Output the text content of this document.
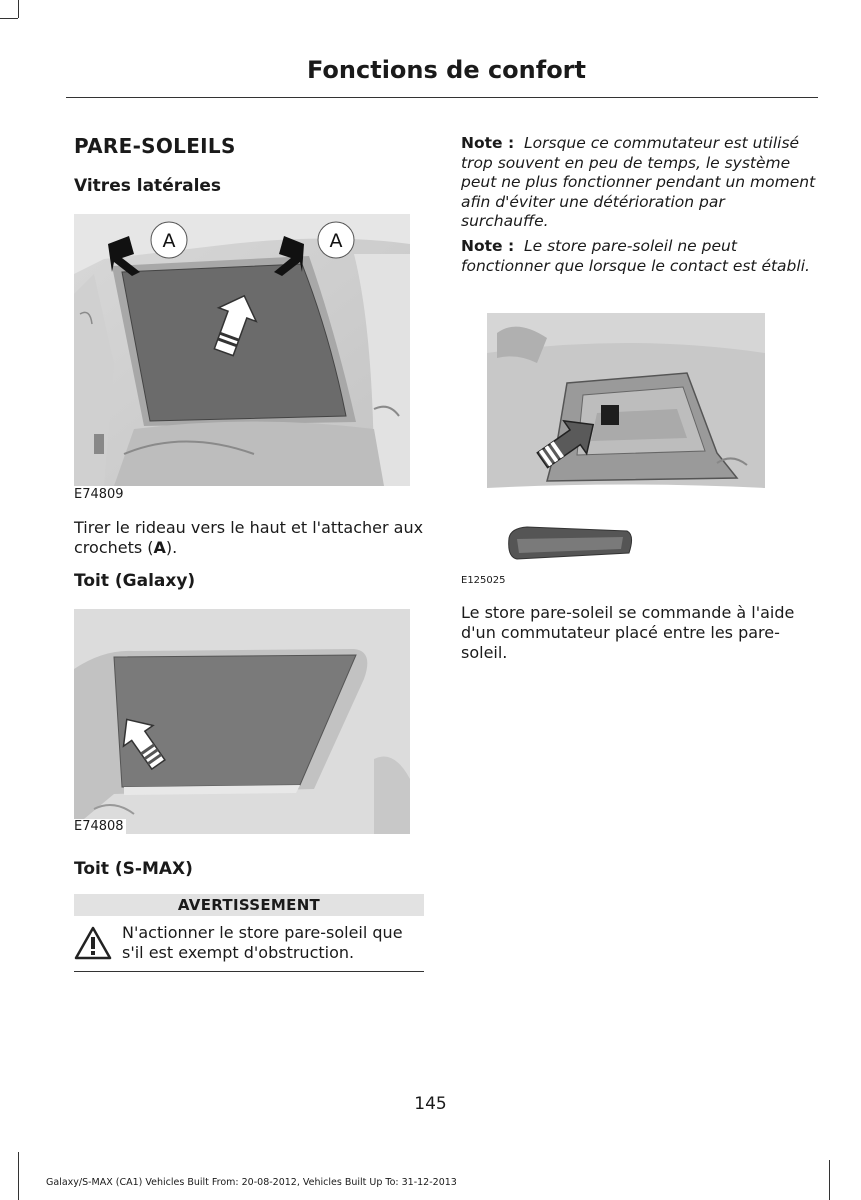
Fonctions de confort
PARE-SOLEILS
Vitres latérales
A	A
E74809

Tirer le rideau vers le haut et l'attacher aux crochets (A).

Toit (Galaxy)
E74808
Toit (S-MAX)
AVERTISSEMENT

N'actionner le store pare-soleil que s'il est exempt d'obstruction.

Note : Lorsque ce commutateur est utilisé trop souvent en peu de temps, le système peut ne plus fonctionner pendant un moment afin d'éviter une détérioration par surchauffe.

Note : Le store pare-soleil ne peut fonctionner que lorsque le contact est établi.

E125025

Le store pare-soleil se commande à l'aide d'un commutateur placé entre les pare-soleil.

145

Galaxy/S-MAX (CA1) Vehicles Built From: 20-08-2012, Vehicles Built Up To: 31-12-2013
